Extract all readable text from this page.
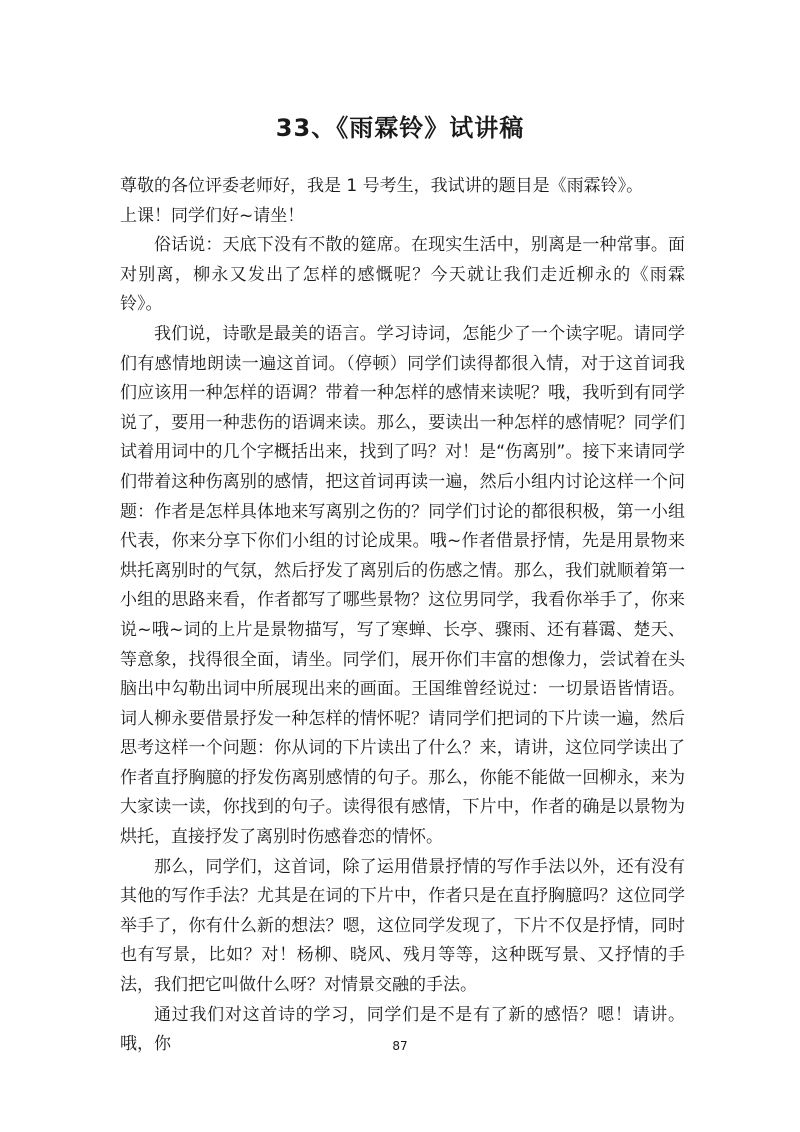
33、《雨霖铃》试讲稿

尊敬的各位评委老师好，我是 1 号考生，我试讲的题目是《雨霖铃》。

上课！同学们好~请坐！

俗话说：天底下没有不散的筵席。在现实生活中，别离是一种常事。面对别离，柳永又发出了怎样的感慨呢？今天就让我们走近柳永的《雨霖铃》。

我们说，诗歌是最美的语言。学习诗词，怎能少了一个读字呢。请同学们有感情地朗读一遍这首词。（停顿）同学们读得都很入情，对于这首词我们应该用一种怎样的语调？带着一种怎样的感情来读呢？哦，我听到有同学说了，要用一种悲伤的语调来读。那么，要读出一种怎样的感情呢？同学们试着用词中的几个字概括出来，找到了吗？对！是“伤离别”。接下来请同学们带着这种伤离别的感情，把这首词再读一遍，然后小组内讨论这样一个问题：作者是怎样具体地来写离别之伤的？同学们讨论的都很积极，第一小组代表，你来分享下你们小组的讨论成果。哦~作者借景抒情，先是用景物来烘托离别时的气氛，然后抒发了离别后的伤感之情。那么，我们就顺着第一小组的思路来看，作者都写了哪些景物？这位男同学，我看你举手了，你来说~哦~词的上片是景物描写，写了寒蝉、长亭、骤雨、还有暮霭、楚天、等意象，找得很全面，请坐。同学们，展开你们丰富的想像力，尝试着在头脑出中勾勒出词中所展现出来的画面。王国维曾经说过：一切景语皆情语。词人柳永要借景抒发一种怎样的情怀呢？请同学们把词的下片读一遍，然后思考这样一个问题：你从词的下片读出了什么？来，请讲，这位同学读出了作者直抒胸臆的抒发伤离别感情的句子。那么，你能不能做一回柳永，来为大家读一读，你找到的句子。读得很有感情，下片中，作者的确是以景物为烘托，直接抒发了离别时伤感眷恋的情怀。

那么，同学们，这首词，除了运用借景抒情的写作手法以外，还有没有其他的写作手法？尤其是在词的下片中，作者只是在直抒胸臆吗？这位同学举手了，你有什么新的想法？嗯，这位同学发现了，下片不仅是抒情，同时也有写景，比如？对！杨柳、晓风、残月等等，这种既写景、又抒情的手法，我们把它叫做什么呀？对情景交融的手法。

通过我们对这首诗的学习，同学们是不是有了新的感悟？嗯！请讲。哦，你	87
